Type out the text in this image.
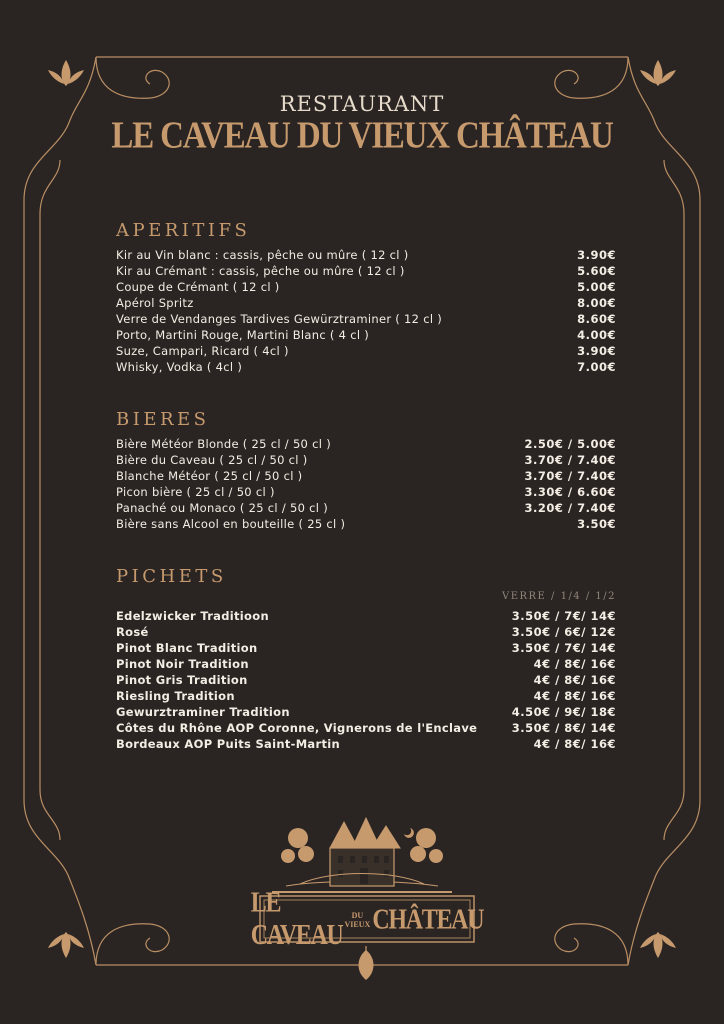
RESTAURANT
LE CAVEAU DU VIEUX CHÂTEAU
APERITIFS
Kir au Vin blanc : cassis, pêche ou mûre ( 12 cl )	3.90€
Kir au Crémant : cassis, pêche ou mûre ( 12 cl )	5.60€
Coupe de Crémant ( 12 cl )	5.00€
Apérol Spritz	8.00€
Verre de Vendanges Tardives Gewürztraminer ( 12 cl )	8.60€
Porto, Martini Rouge, Martini Blanc ( 4 cl )	4.00€
Suze, Campari, Ricard ( 4cl )	3.90€
Whisky, Vodka ( 4cl )	7.00€
BIERES
Bière Météor Blonde ( 25 cl / 50 cl )	2.50€ / 5.00€
Bière du Caveau ( 25 cl / 50 cl )	3.70€ / 7.40€
Blanche Météor ( 25 cl / 50 cl )	3.70€ / 7.40€
Picon bière ( 25 cl / 50 cl )	3.30€ / 6.60€
Panaché ou Monaco ( 25 cl / 50 cl )	3.20€ / 7.40€
Bière sans Alcool en bouteille ( 25 cl )	3.50€
PICHETS
VERRE / 1/4 / 1/2
Edelzwicker Traditioon	3.50€ / 7€/ 14€
Rosé	3.50€ / 6€/ 12€
Pinot Blanc Tradition	3.50€ / 7€/ 14€
Pinot Noir Tradition	4€ / 8€/ 16€
Pinot Gris Tradition	4€ / 8€/ 16€
Riesling Tradition	4€ / 8€/ 16€
Gewurztraminer Tradition	4.50€ / 9€/ 18€
Côtes du Rhône AOP Coronne, Vignerons de l'Enclave	3.50€ / 8€/ 14€
Bordeaux AOP Puits Saint-Martin	4€ / 8€/ 16€
LE CAVEAU
DU
VIEUX CHÂTEAU
